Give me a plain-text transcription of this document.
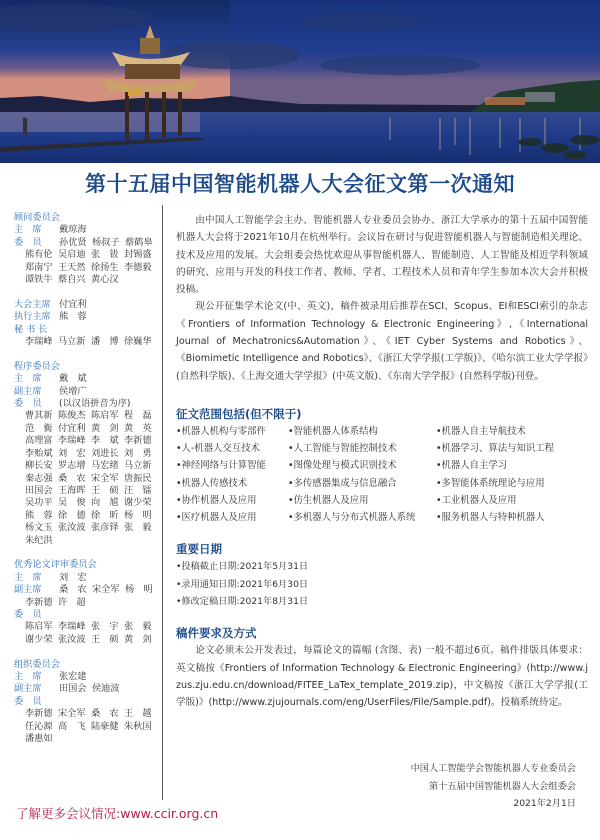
第十五届中国智能机器人大会征文第一次通知
顾问委员会
主　席	戴琼海
委　员	孙优贤 杨叔子 蔡鹤皋
熊有伦 吴启迪 张　钹 封锡盛
郑南宁 王天然 徐扬生 李德毅
谭铁牛 蔡自兴 黄心汉
大会主席 付宜利
执行主席 熊　蓉
秘 书 长
李瑞峰 马立新 潘　博 徐巍华
程序委员会
主　席	戴　斌
副主席	侯增广
委　员	(以汉语拼音为序)
曹其新 陈俊杰 陈启军 程　磊
范　衠 付宜利 黄　剑 黄　英
高理富 李瑞峰 李　斌 李新德
李贻斌 刘　宏 刘进长 刘　勇
柳长安 罗志增 马宏绪 马立新
秦志强 桑　农 宋全军 唐振民
田国会 王海晖 王　硕 汪　镭
吴功平 吴　俊 向　馗 谢少荣
熊　蓉 徐　德 徐　昕 杨　明
杨文玉 张汝波 张彦铎 张　毅
朱纪洪
优秀论文评审委员会
主　席	刘　宏
副主席	桑　农 宋全军 杨　明
李新德 许　超
委　员
陈启军 李瑞峰 张　宇 张　毅
谢少荣 张汝波 王　硕 黄　剑
组织委员会
主　席	张宏建
副主席	田国会 侯迪波
委　员
李新德 宋全军 桑　农 王　越
任沁源 高　飞 陆豪健 朱秋国
潘惠如

由中国人工智能学会主办、智能机器人专业委员会协办、浙江大学承办的第十五届中国智能机器人大会将于2021年10月在杭州举行。会议旨在研讨与促进智能机器人与智能制造相关理论、技术及应用的发展。大会组委会热忱欢迎从事智能机器人、智能制造、人工智能及相近学科领域的研究、应用与开发的科技工作者、教师、学者、工程技术人员和青年学生参加本次大会并积极投稿。

现公开征集学术论文(中、英文)，稿件被录用后推荐在SCI、Scopus、EI和ESCI索引的杂志《Frontiers of Information Technology & Electronic Engineering》,《International Journal of Mechatronics&Automation》、《IET Cyber Systems and Robotics》、《Biomimetic Intelligence and Robotics》、《浙江大学学报(工学版)》、《哈尔滨工业大学学报》(自然科学版)、《上海交通大学学报》(中英文版)、《东南大学学报》(自然科学版)刊登。

征文范围包括(但不限于)
• 机器人机构与零部件	• 智能机器人体系结构	• 机器人自主导航技术
• 人-机器人交互技术	• 人工智能与智能控制技术	• 机器学习、算法与知识工程
• 神经网络与计算智能	• 图像处理与模式识别技术	• 机器人自主学习
• 机器人传感技术	• 多传感器集成与信息融合	• 多智能体系统理论与应用
• 协作机器人及应用	• 仿生机器人及应用	• 工业机器人及应用
• 医疗机器人及应用	• 多机器人与分布式机器人系统	• 服务机器人与特种机器人
重要日期
• 投稿截止日期:2021年5月31日
• 录用通知日期:2021年6月30日
• 修改定稿日期:2021年8月31日
稿件要求及方式

论文必须未公开发表过，每篇论文的篇幅 (含图、表) 一般不超过6页。稿件排版具体要求：英文稿按《Frontiers of Information Technology & Electronic Engineering》(http://www.jzus.zju.edu.cn/download/FITEE_LaTex_template_2019.zip)，中文稿按《浙江大学学报(工学版)》(http://www.zjujournals.com/eng/UserFiles/File/Sample.pdf)。投稿系统待定。

中国人工智能学会智能机器人专业委员会
第十五届中国智能机器人大会组委会
2021年2月1日
了解更多会议情况:www.ccir.org.cn
